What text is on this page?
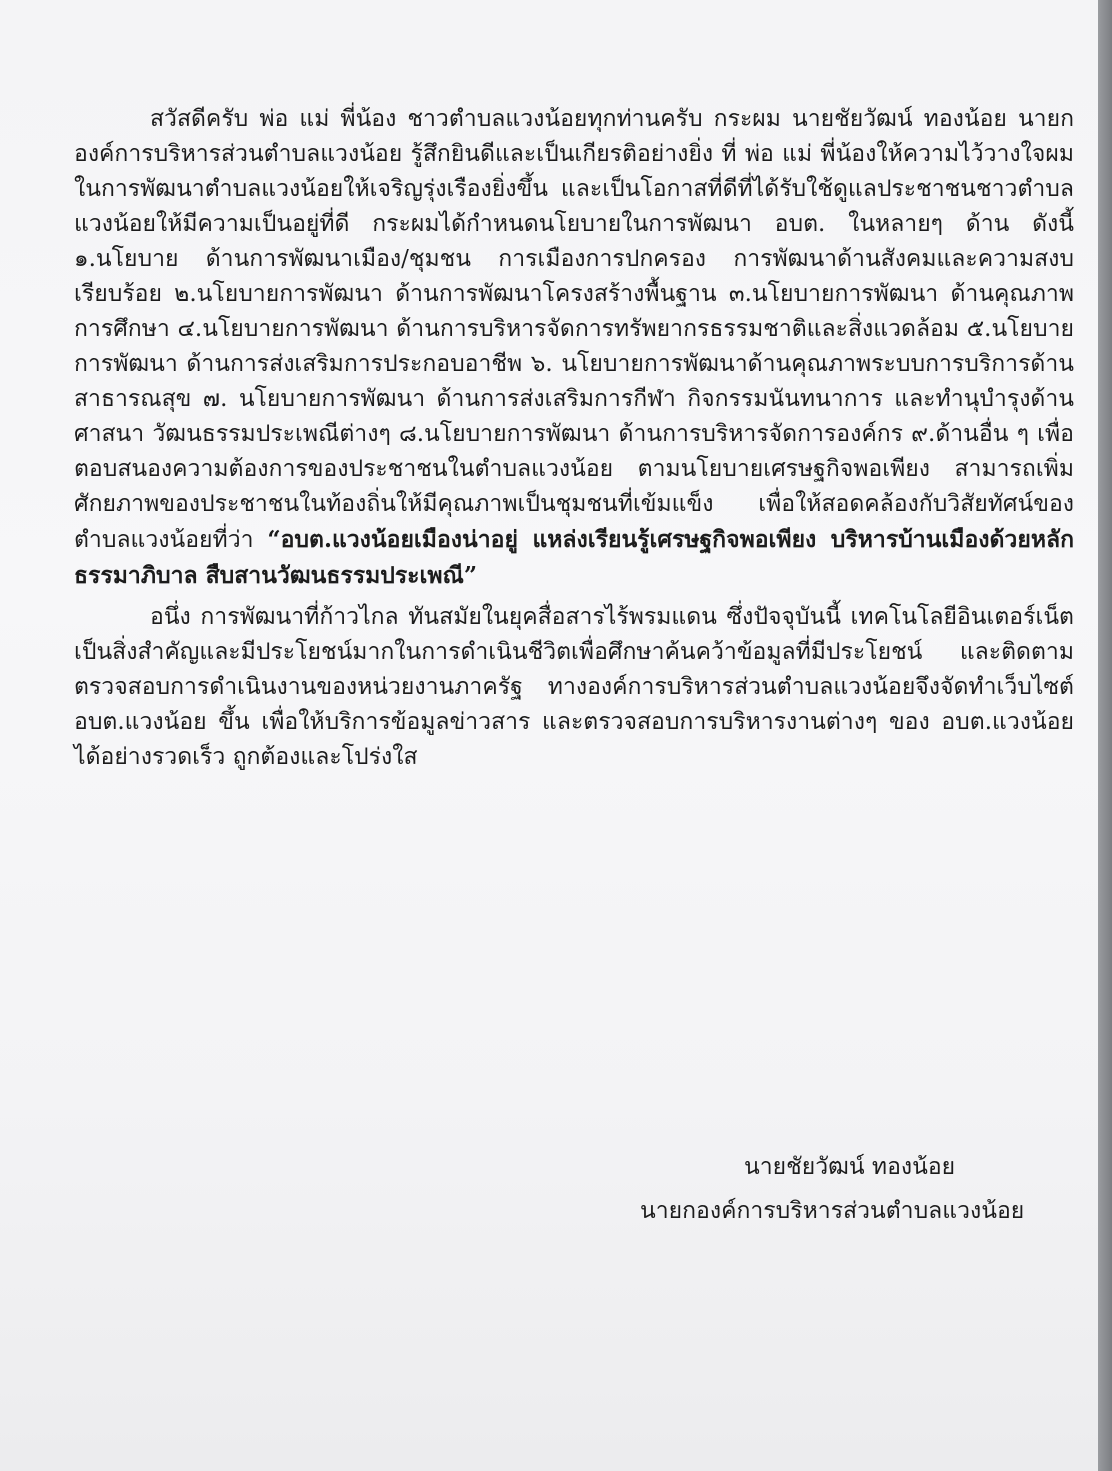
สวัสดีครับ พ่อ แม่ พี่น้อง ชาวตำบลแวงน้อยทุกท่านครับ กระผม นายชัยวัฒน์ ทองน้อย นายกองค์การบริหารส่วนตำบลแวงน้อย รู้สึกยินดีและเป็นเกียรติอย่างยิ่ง ที่ พ่อ แม่ พี่น้องให้ความไว้วางใจผมในการพัฒนาตำบลแวงน้อยให้เจริญรุ่งเรืองยิ่งขึ้น และเป็นโอกาสที่ดีที่ได้รับใช้ดูแลประชาชนชาวตำบลแวงน้อยให้มีความเป็นอยู่ที่ดี กระผมได้กำหนดนโยบายในการพัฒนา อบต. ในหลายๆ ด้าน ดังนี้ ๑.นโยบาย ด้านการพัฒนาเมือง/ชุมชน การเมืองการปกครอง การพัฒนาด้านสังคมและความสงบเรียบร้อย ๒.นโยบายการพัฒนา ด้านการพัฒนาโครงสร้างพื้นฐาน ๓.นโยบายการพัฒนา ด้านคุณภาพการศึกษา ๔.นโยบายการพัฒนา ด้านการบริหารจัดการทรัพยากรธรรมชาติและสิ่งแวดล้อม ๕.นโยบายการพัฒนา ด้านการส่งเสริมการประกอบอาชีพ ๖. นโยบายการพัฒนาด้านคุณภาพระบบการบริการด้านสาธารณสุข ๗. นโยบายการพัฒนา ด้านการส่งเสริมการกีฬา กิจกรรมนันทนาการ และทำนุบำรุงด้านศาสนา วัฒนธรรมประเพณีต่างๆ ๘.นโยบายการพัฒนา ด้านการบริหารจัดการองค์กร ๙.ด้านอื่น ๆ เพื่อตอบสนองความต้องการของประชาชนในตำบลแวงน้อย ตามนโยบายเศรษฐกิจพอเพียง สามารถเพิ่มศักยภาพของประชาชนในท้องถิ่นให้มีคุณภาพเป็นชุมชนที่เข้มแข็ง เพื่อให้สอดคล้องกับวิสัยทัศน์ของตำบลแวงน้อยที่ว่า “อบต.แวงน้อยเมืองน่าอยู่ แหล่งเรียนรู้เศรษฐกิจพอเพียง บริหารบ้านเมืองด้วยหลักธรรมาภิบาล สืบสานวัฒนธรรมประเพณี”

อนึ่ง การพัฒนาที่ก้าวไกล ทันสมัยในยุคสื่อสารไร้พรมแดน ซึ่งปัจจุบันนี้ เทคโนโลยีอินเตอร์เน็ตเป็นสิ่งสำคัญและมีประโยชน์มากในการดำเนินชีวิตเพื่อศึกษาค้นคว้าข้อมูลที่มีประโยชน์ และติดตามตรวจสอบการดำเนินงานของหน่วยงานภาครัฐ ทางองค์การบริหารส่วนตำบลแวงน้อยจึงจัดทำเว็บไซต์ อบต.แวงน้อย ขึ้น เพื่อให้บริการข้อมูลข่าวสาร และตรวจสอบการบริหารงานต่างๆ ของ อบต.แวงน้อย ได้อย่างรวดเร็ว ถูกต้องและโปร่งใส

นายชัยวัฒน์ ทองน้อย
นายกองค์การบริหารส่วนตำบลแวงน้อย
